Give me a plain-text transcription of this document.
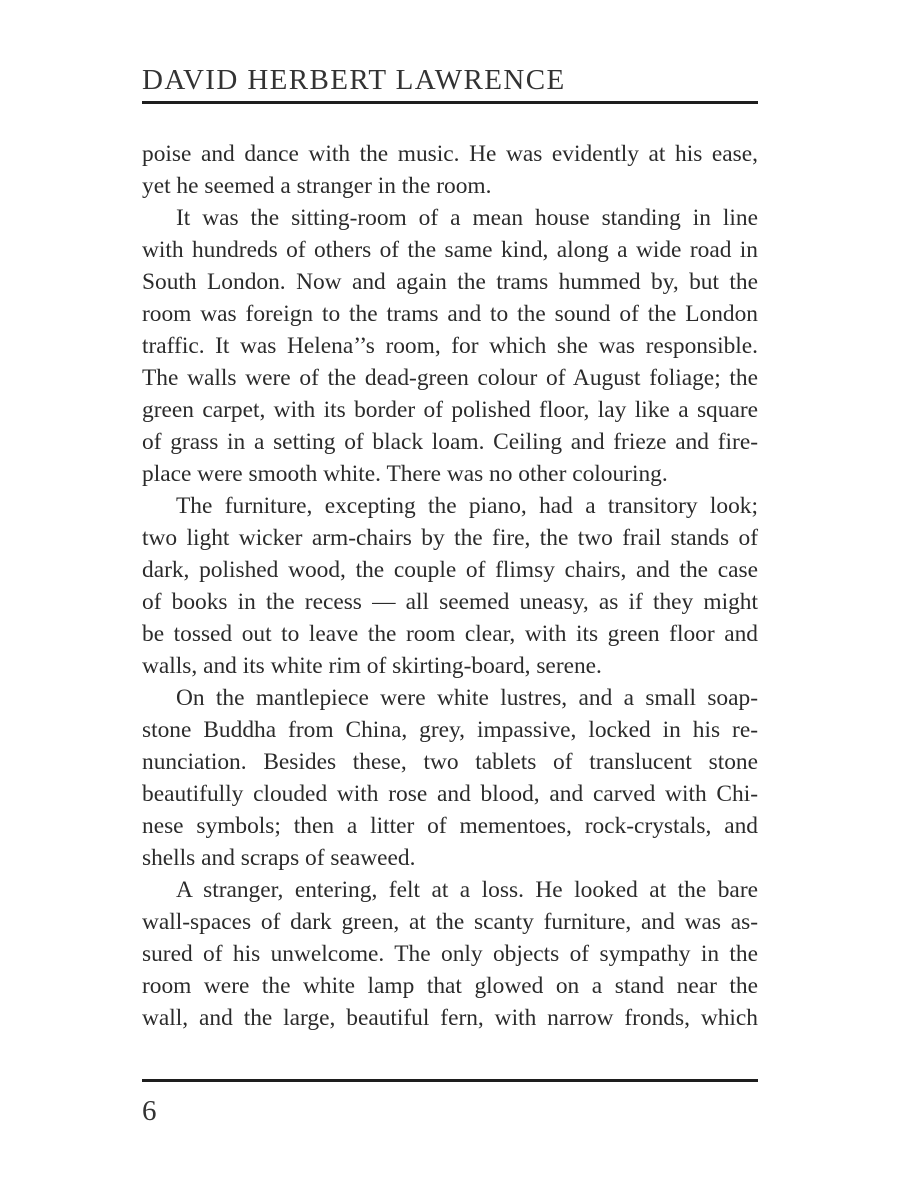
DAVID HERBERT LAWRENCE
poise and dance with the music. He was evidently at his ease,
yet he seemed a stranger in the room.
It was the sitting-room of a mean house standing in line
with hundreds of others of the same kind, along a wide road in
South London. Now and again the trams hummed by, but the
room was foreign to the trams and to the sound of the London
traffic. It was Helena’’s room, for which she was responsible.
The walls were of the dead-green colour of August foliage; the
green carpet, with its border of polished floor, lay like a square
of grass in a setting of black loam. Ceiling and frieze and fire-
place were smooth white. There was no other colouring.
The furniture, excepting the piano, had a transitory look;
two light wicker arm-chairs by the fire, the two frail stands of
dark, polished wood, the couple of flimsy chairs, and the case
of books in the recess — all seemed uneasy, as if they might
be tossed out to leave the room clear, with its green floor and
walls, and its white rim of skirting-board, serene.
On the mantlepiece were white lustres, and a small soap-
stone Buddha from China, grey, impassive, locked in his re-
nunciation. Besides these, two tablets of translucent stone
beautifully clouded with rose and blood, and carved with Chi-
nese symbols; then a litter of mementoes, rock-crystals, and
shells and scraps of seaweed.
A stranger, entering, felt at a loss. He looked at the bare
wall-spaces of dark green, at the scanty furniture, and was as-
sured of his unwelcome. The only objects of sympathy in the
room were the white lamp that glowed on a stand near the
wall, and the large, beautiful fern, with narrow fronds, which
6
